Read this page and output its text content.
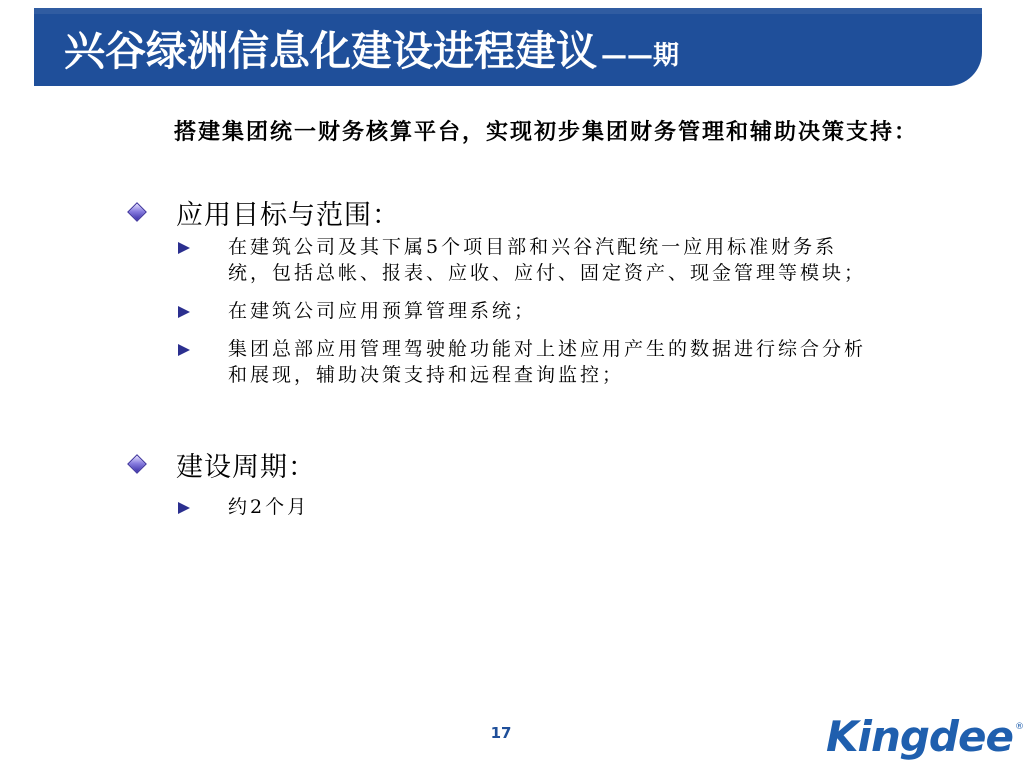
兴谷绿洲信息化建设进程建议 ——期
搭建集团统一财务核算平台，实现初步集团财务管理和辅助决策支持：
应用目标与范围：
在建筑公司及其下属5个项目部和兴谷汽配统一应用标准财务系统，包括总帐、报表、应收、应付、固定资产、现金管理等模块；
在建筑公司应用预算管理系统；
集团总部应用管理驾驶舱功能对上述应用产生的数据进行综合分析和展现，辅助决策支持和远程查询监控；
建设周期：
约2个月
17	Kingdee ®
